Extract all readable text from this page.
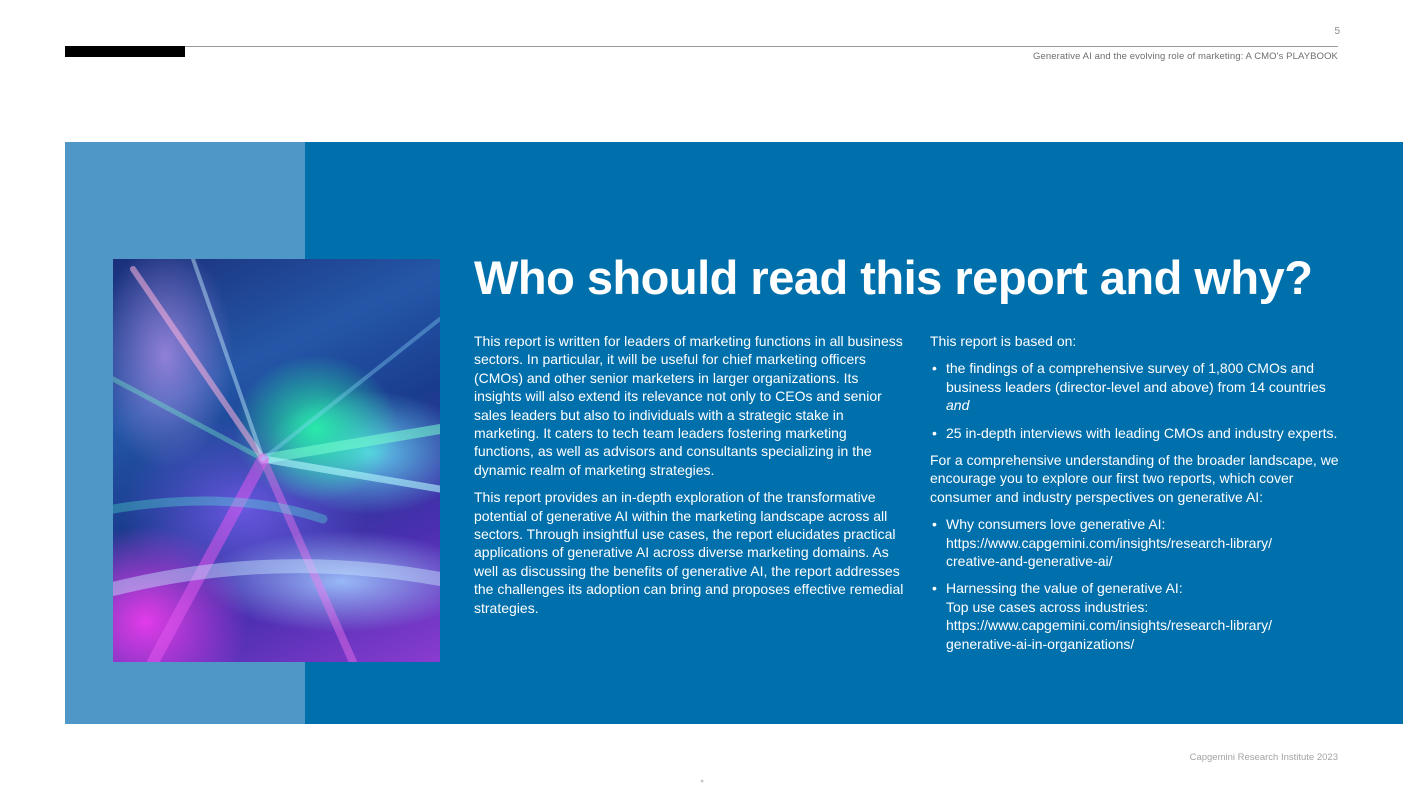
5
Generative AI and the evolving role of marketing: A CMO's PLAYBOOK
Who should read this report and why?

This report is written for leaders of marketing functions in all business sectors. In particular, it will be useful for chief marketing officers (CMOs) and other senior marketers in larger organizations. Its insights will also extend its relevance not only to CEOs and senior sales leaders but also to individuals with a strategic stake in marketing. It caters to tech team leaders fostering marketing functions, as well as advisors and consultants specializing in the dynamic realm of marketing strategies.

This report provides an in-depth exploration of the transformative potential of generative AI within the marketing landscape across all sectors. Through insightful use cases, the report elucidates practical applications of generative AI across diverse marketing domains. As well as discussing the benefits of generative AI, the report addresses the challenges its adoption can bring and proposes effective remedial strategies.

This report is based on:

• the findings of a comprehensive survey of 1,800 CMOs and business leaders (director-level and above) from 14 countries and
• 25 in-depth interviews with leading CMOs and industry experts.

For a comprehensive understanding of the broader landscape, we encourage you to explore our first two reports, which cover consumer and industry perspectives on generative AI:

• Why consumers love generative AI:
https://www.capgemini.com/insights/research-library/
creative-and-generative-ai/
• Harnessing the value of generative AI:
Top use cases across industries:
https://www.capgemini.com/insights/research-library/
generative-ai-in-organizations/
Capgemini Research Institute 2023
●
